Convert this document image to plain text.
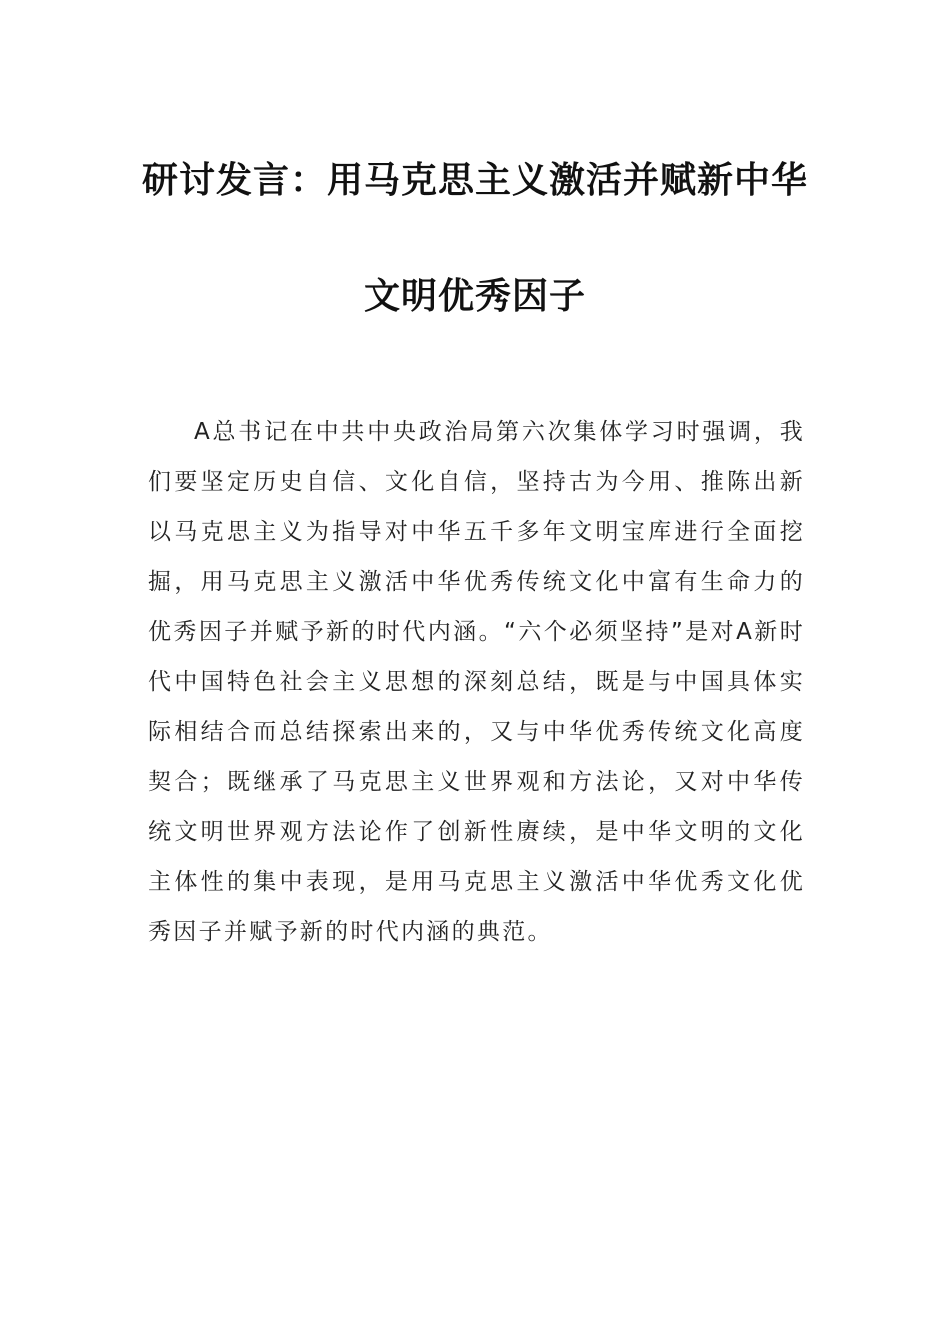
研讨发言：用马克思主义激活并赋新中华
文明优秀因子

A总书记在中共中央政治局第六次集体学习时强调，我们要坚定历史自信、文化自信，坚持古为今用、推陈出新以马克思主义为指导对中华五千多年文明宝库进行全面挖掘，用马克思主义激活中华优秀传统文化中富有生命力的优秀因子并赋予新的时代内涵。“六个必须坚持”是对A新时代中国特色社会主义思想的深刻总结，既是与中国具体实际相结合而总结探索出来的，又与中华优秀传统文化高度契合；既继承了马克思主义世界观和方法论，又对中华传统文明世界观方法论作了创新性赓续，是中华文明的文化主体性的集中表现，是用马克思主义激活中华优秀文化优秀因子并赋予新的时代内涵的典范。
